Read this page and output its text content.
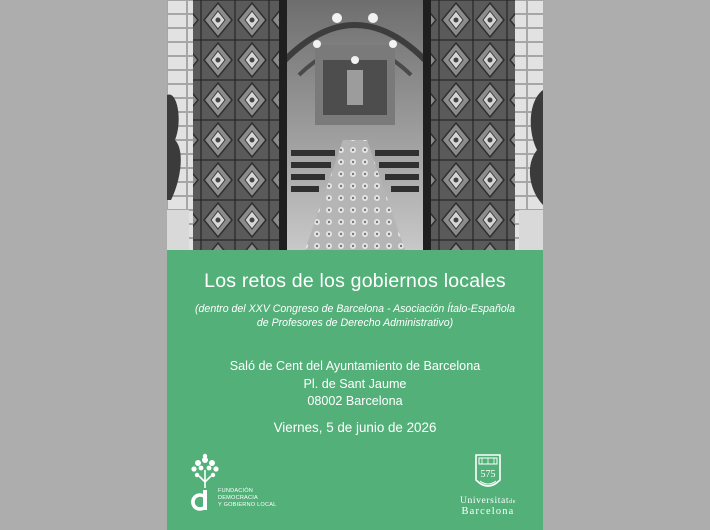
Los retos de los gobiernos locales
(dentro del XXV Congreso de Barcelona - Asociación Ítalo-Española
de Profesores de Derecho Administrativo)
Saló de Cent del Ayuntamiento de Barcelona
Pl. de Sant Jaume
08002 Barcelona
Viernes, 5 de junio de 2026
FUNDACIÓN
DEMOCRACIA
Y GOBIERNO LOCAL
575
Universitatde
Barcelona
